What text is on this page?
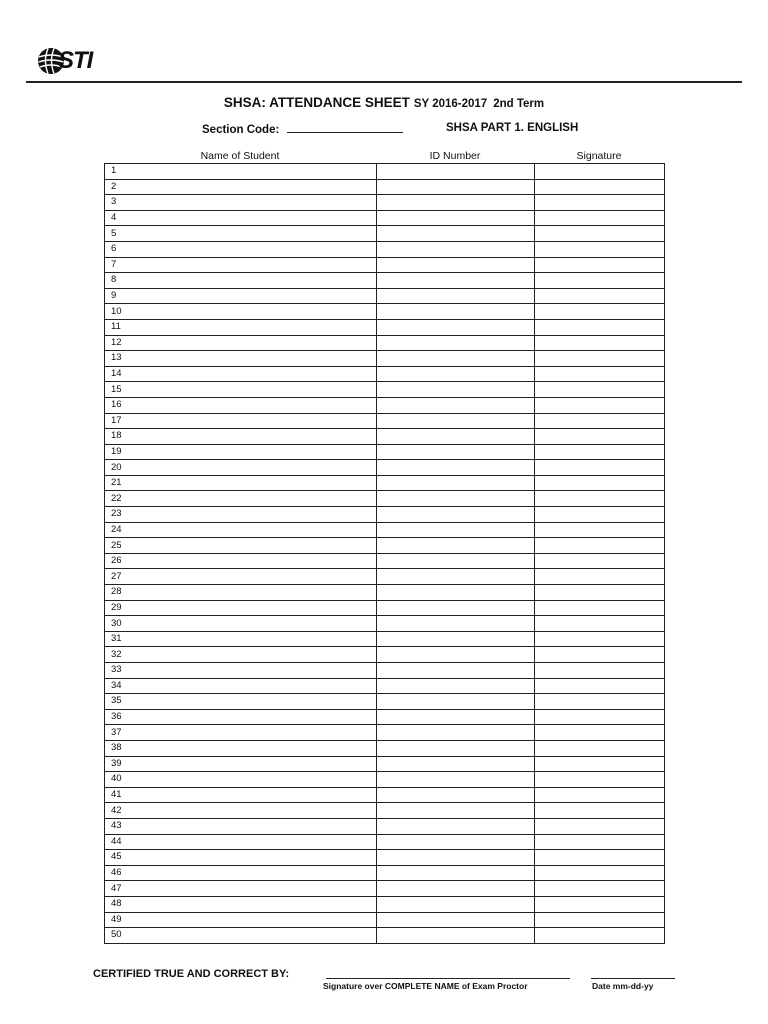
STI
SHSA: ATTENDANCE SHEET SY 2016-2017 2nd Term
Section Code:	SHSA PART 1. ENGLISH
Name of Student	ID Number	Signature
1		
2		
3		
4		
5		
6		
7		
8		
9		
10		
11		
12		
13		
14		
15		
16		
17		
18		
19		
20		
21		
22		
23		
24		
25		
26		
27		
28		
29		
30		
31		
32		
33		
34		
35		
36		
37		
38		
39		
40		
41		
42		
43		
44		
45		
46		
47		
48		
49		
50		
CERTIFIED TRUE AND CORRECT BY:
Signature over COMPLETE NAME of Exam Proctor	Date mm-dd-yy
